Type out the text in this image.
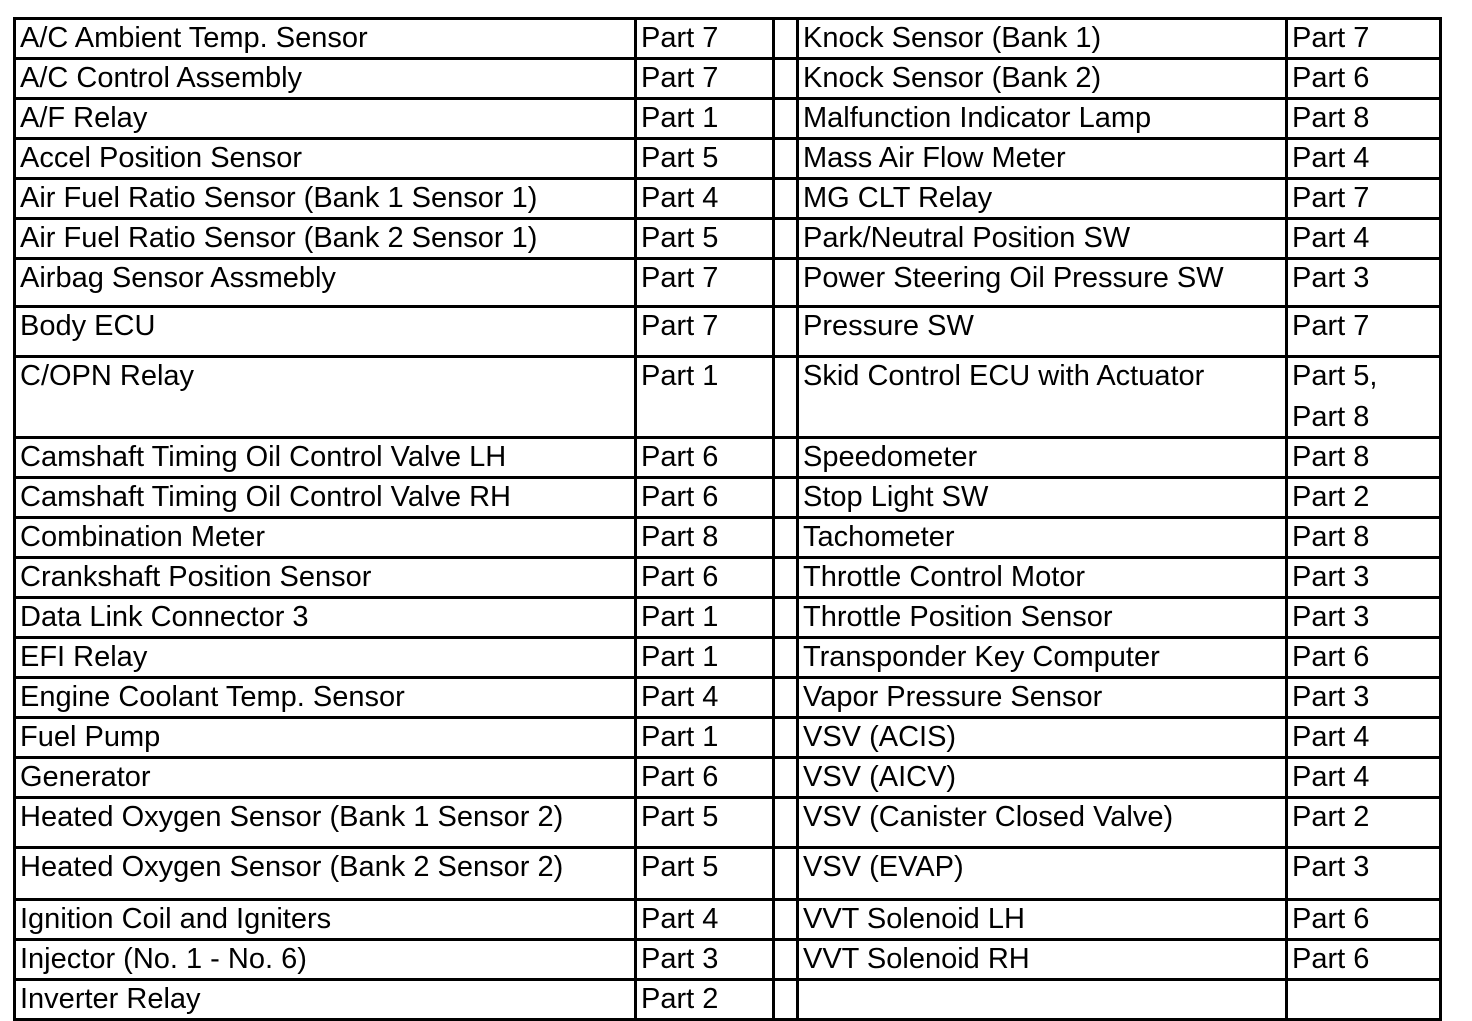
A/C Ambient Temp. Sensor	Part 7		Knock Sensor (Bank 1)	Part 7
A/C Control Assembly	Part 7		Knock Sensor (Bank 2)	Part 6
A/F Relay	Part 1		Malfunction Indicator Lamp	Part 8
Accel Position Sensor	Part 5		Mass Air Flow Meter	Part 4
Air Fuel Ratio Sensor (Bank 1 Sensor 1)	Part 4		MG CLT Relay	Part 7
Air Fuel Ratio Sensor (Bank 2 Sensor 1)	Part 5		Park/Neutral Position SW	Part 4
Airbag Sensor Assmebly	Part 7		Power Steering Oil Pressure SW	Part 3
Body ECU	Part 7		Pressure SW	Part 7
C/OPN Relay	Part 1		Skid Control ECU with Actuator	Part 5,
Part 8

Camshaft Timing Oil Control Valve LH	Part 6		Speedometer	Part 8
Camshaft Timing Oil Control Valve RH	Part 6		Stop Light SW	Part 2
Combination Meter	Part 8		Tachometer	Part 8
Crankshaft Position Sensor	Part 6		Throttle Control Motor	Part 3
Data Link Connector 3	Part 1		Throttle Position Sensor	Part 3
EFI Relay	Part 1		Transponder Key Computer	Part 6
Engine Coolant Temp. Sensor	Part 4		Vapor Pressure Sensor	Part 3
Fuel Pump	Part 1		VSV (ACIS)	Part 4
Generator	Part 6		VSV (AICV)	Part 4
Heated Oxygen Sensor (Bank 1 Sensor 2)	Part 5		VSV (Canister Closed Valve)	Part 2
Heated Oxygen Sensor (Bank 2 Sensor 2)	Part 5		VSV (EVAP)	Part 3
Ignition Coil and Igniters	Part 4		VVT Solenoid LH	Part 6
Injector (No. 1 - No. 6)	Part 3		VVT Solenoid RH	Part 6
Inverter Relay	Part 2			
